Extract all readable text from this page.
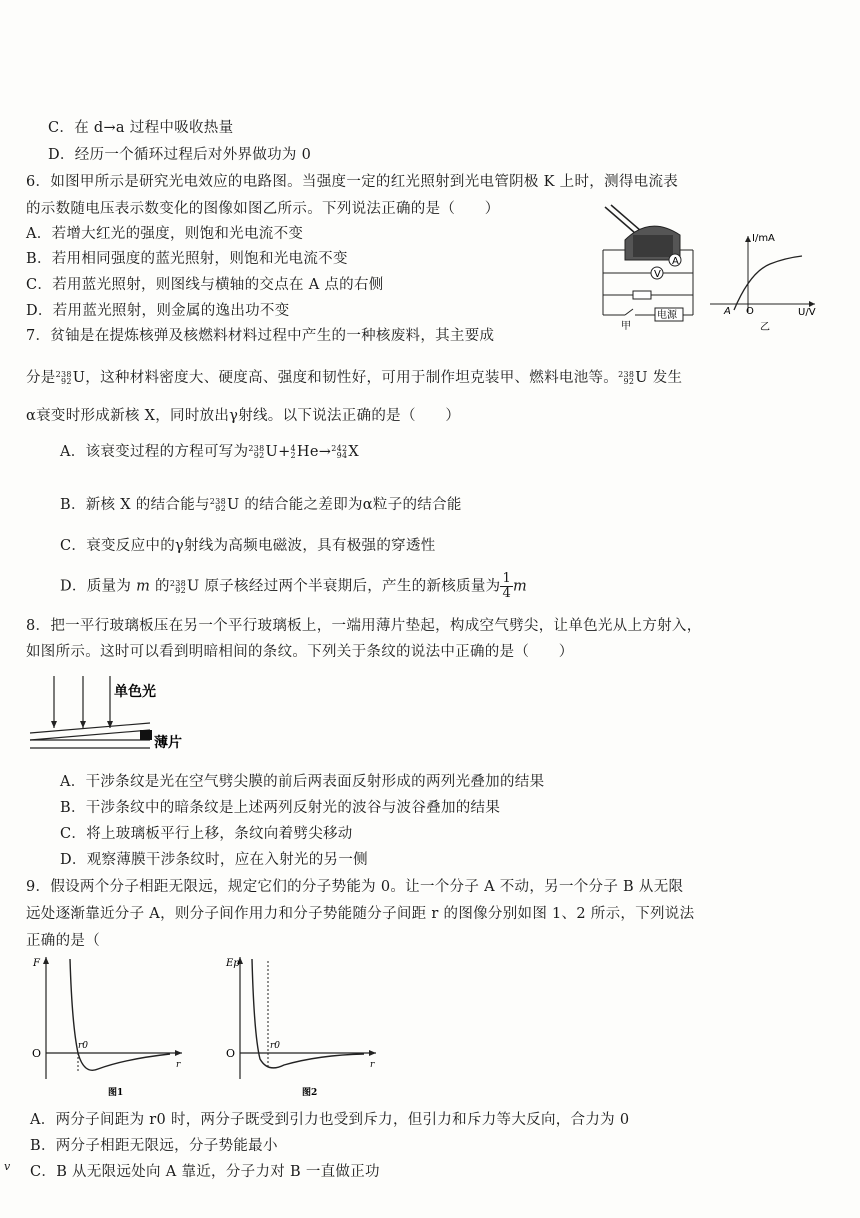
C．在 d→a 过程中吸收热量
D．经历一个循环过程后对外界做功为 0
6．如图甲所示是研究光电效应的电路图。当强度一定的红光照射到光电管阴极 K 上时，测得电流表
的示数随电压表示数变化的图像如图乙所示。下列说法正确的是（　　）
A．若增大红光的强度，则饱和光电流不变
B．若用相同强度的蓝光照射，则饱和光电流不变
C．若用蓝光照射，则图线与横轴的交点在 A 点的右侧
D．若用蓝光照射，则金属的逸出功不变
V
A
电源
甲
I/mA
U/V
A O
乙
7．贫铀是在提炼核弹及核燃料材料过程中产生的一种核废料，其主要成
分是 238
92 U，这种材料密度大、硬度高、强度和韧性好，可用于制作坦克装甲、燃料电池等。 238
92 U 发生
α衰变时形成新核 X，同时放出γ射线。以下说法正确的是（　　）
A．该衰变过程的方程可写为 238
92 U+ 4
2 He→ 242
94 X
B．新核 X 的结合能与 238
92 U 的结合能之差即为α粒子的结合能
C．衰变反应中的γ射线为高频电磁波，具有极强的穿透性
D．质量为 m 的 238
92 U 原子核经过两个半衰期后，产生的新核质量为 $\frac{1}{4}$ m
8．把一平行玻璃板压在另一个平行玻璃板上，一端用薄片垫起，构成空气劈尖，让单色光从上方射入，
如图所示。这时可以看到明暗相间的条纹。下列关于条纹的说法中正确的是（　　）
单色光
薄片
A．干涉条纹是光在空气劈尖膜的前后两表面反射形成的两列光叠加的结果
B．干涉条纹中的暗条纹是上述两列反射光的波谷与波谷叠加的结果
C．将上玻璃板平行上移，条纹向着劈尖移动
D．观察薄膜干涉条纹时，应在入射光的另一侧
9．假设两个分子相距无限远，规定它们的分子势能为 0。让一个分子 A 不动，另一个分子 B 从无限
远处逐渐靠近分子 A，则分子间作用力和分子势能随分子间距 r 的图像分别如图 1、2 所示，下列说法
正确的是（
F
O
r0
r
图1
Ep
O
r0
r
图2
A．两分子间距为 r0 时，两分子既受到引力也受到斥力，但引力和斥力等大反向，合力为 0
B．两分子相距无限远，分子势能最小
v C．B 从无限远处向 A 靠近，分子力对 B 一直做正功
